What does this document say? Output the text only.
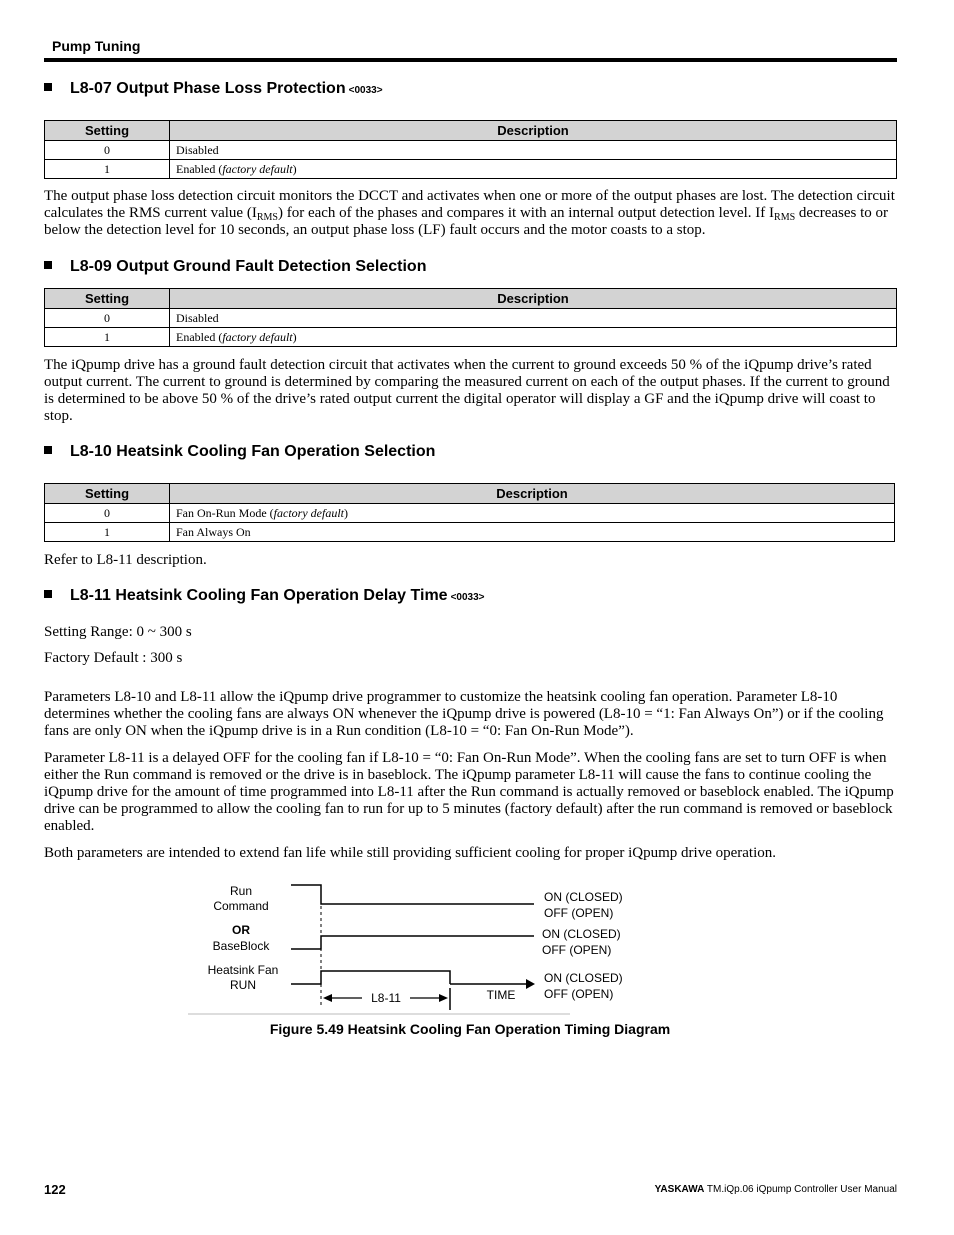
Pump Tuning
L8-07 Output Phase Loss Protection <0033>
Setting	Description
0	Disabled
1	Enabled (factory default)

The output phase loss detection circuit monitors the DCCT and activates when one or more of the output phases are lost. The detection circuit calculates the RMS current value $(I_{RMS})$ for each of the phases and compares it with an internal output detection level. If $I_{RMS}$ decreases to or below the detection level for 10 seconds, an output phase loss (LF) fault occurs and the motor coasts to a stop.

L8-09 Output Ground Fault Detection Selection
Setting	Description
0	Disabled
1	Enabled (factory default)

The iQpump drive has a ground fault detection circuit that activates when the current to ground exceeds 50 % of the iQpump drive’s rated output current. The current to ground is determined by comparing the measured current on each of the output phases. If the current to ground is determined to be above 50 % of the drive’s rated output current the digital operator will display a GF and the iQpump drive will coast to stop.

L8-10 Heatsink Cooling Fan Operation Selection
Setting	Description
0	Fan On-Run Mode (factory default)
1	Fan Always On

Refer to L8-11 description.

L8-11 Heatsink Cooling Fan Operation Delay Time <0033>
Setting Range: 0 ~ 300 s
Factory Default : 300 s

Parameters L8-10 and L8-11 allow the iQpump drive programmer to customize the heatsink cooling fan operation. Parameter L8-10 determines whether the cooling fans are always ON whenever the iQpump drive is powered (L8-10 = “1: Fan Always On”) or if the cooling fans are only ON when the iQpump drive is in a Run condition (L8-10 = “0: Fan On-Run Mode”).

Parameter L8-11 is a delayed OFF for the cooling fan if L8-10 = “0: Fan On-Run Mode”. When the cooling fans are set to turn OFF is when either the Run command is removed or the drive is in baseblock. The iQpump parameter L8-11 will cause the fans to continue cooling the iQpump drive for the amount of time programmed into L8-11 after the Run command is actually removed or baseblock enabled. The iQpump drive can be programmed to allow the cooling fan to run for up to 5 minutes (factory default) after the run command is removed or baseblock enabled.

Both parameters are intended to extend fan life while still providing sufficient cooling for proper iQpump drive operation.

Run
Command
OR
BaseBlock
Heatsink Fan
RUN
L8-11	TIME
ON (CLOSED)
OFF (OPEN)
ON (CLOSED)
OFF (OPEN)
ON (CLOSED)
OFF (OPEN)
Figure 5.49 Heatsink Cooling Fan Operation Timing Diagram
122	YASKAWA TM.iQp.06 iQpump Controller User Manual
